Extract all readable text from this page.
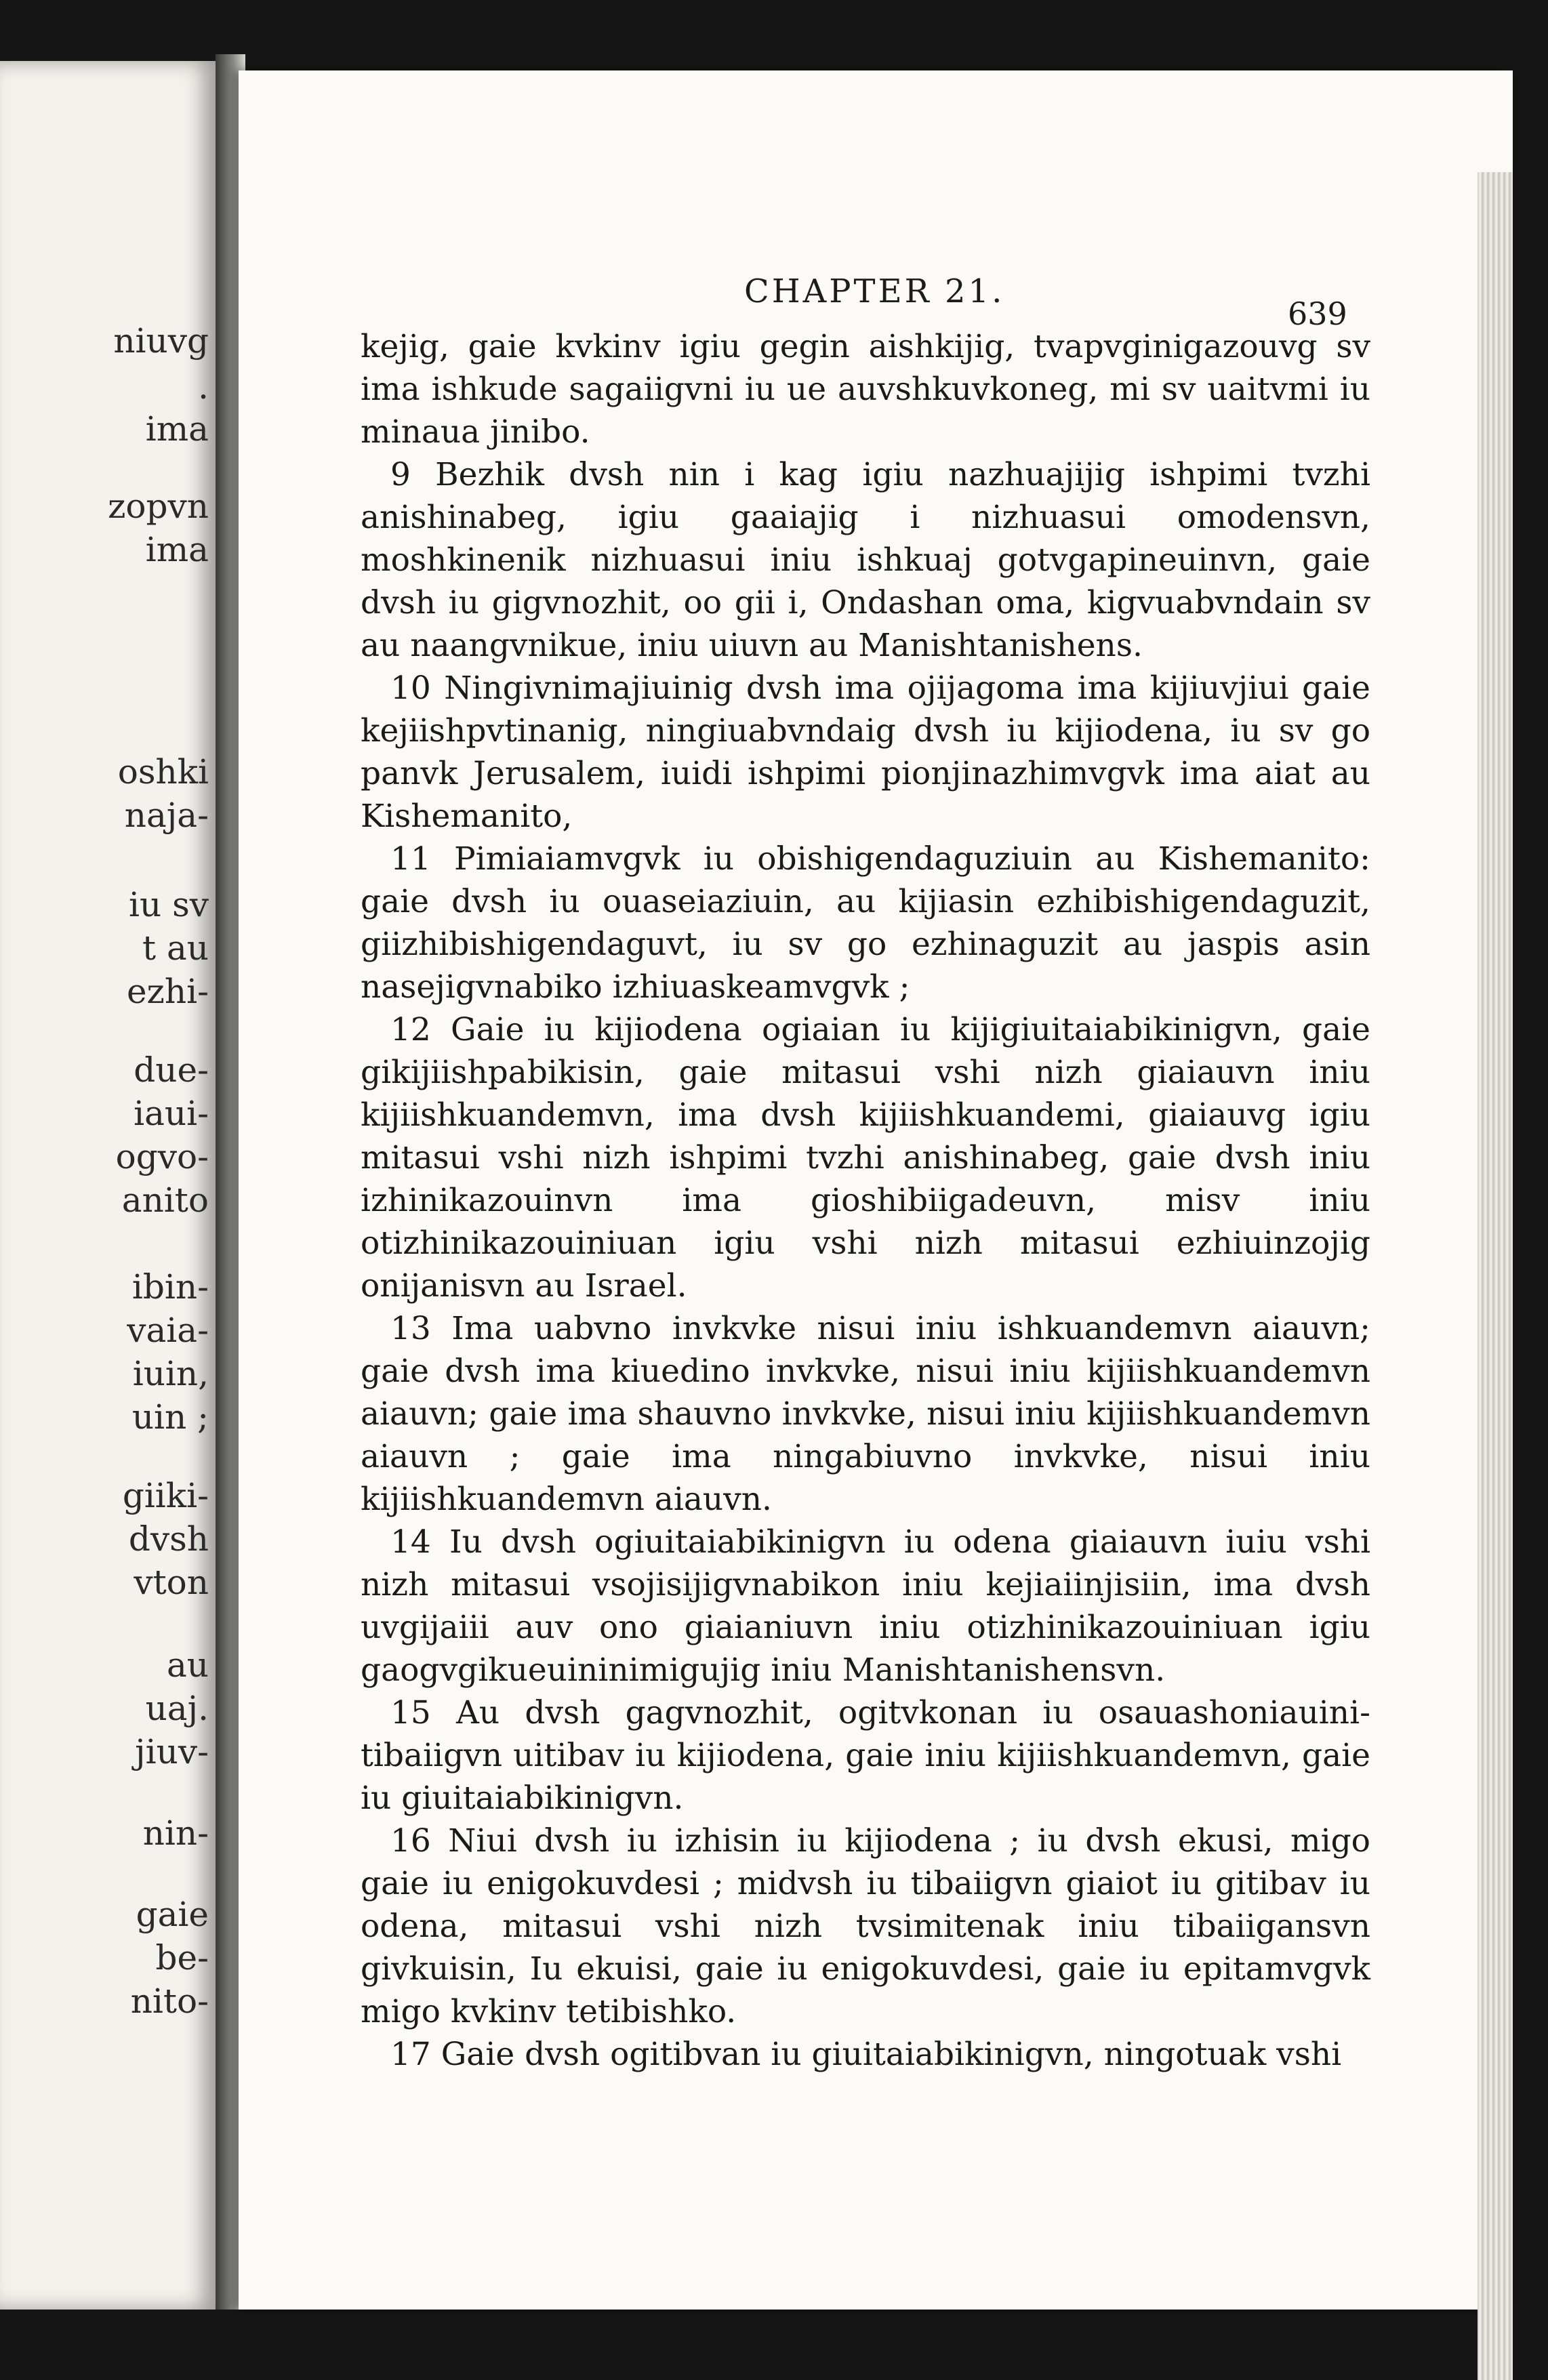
niuvg
.
ima
zopvn
ima
oshki
naja-
iu sv
t au
ezhi-
due-
iaui-
ogvo-
anito
ibin-
vaia-
iuin,
uin ;
giiki-
dvsh
vton
au
uaj.
jiuv-
nin-
gaie
be-
nito-
CHAPTER 21.
639

kejig, gaie kvkinv igiu gegin aishkijig, tvapvginigazouvg sv ima ishkude sagaiigvni iu ue auvshkuvkoneg, mi sv uaitvmi iu minaua jinibo.

9 Bezhik dvsh nin i kag igiu nazhuajijig ishpimi tvzhi anishinabeg, igiu gaaiajig i nizhuasui omodensvn, moshkinenik nizhuasui iniu ishkuaj gotvgapineuinvn, gaie dvsh iu gigvnozhit, oo gii i, Ondashan oma, kigvuabvndain sv au naangvnikue, iniu uiuvn au Manishtanishens.

10 Ningivnimajiuinig dvsh ima ojijagoma ima kijiuvjiui gaie kejiishpvtinanig, ningiuabvndaig dvsh iu kijiodena, iu sv go panvk Jerusalem, iuidi ishpimi pionjinazhimvgvk ima aiat au Kishemanito,

11 Pimiaiamvgvk iu obishigendaguziuin au Kishemanito: gaie dvsh iu ouaseiaziuin, au kijiasin ezhibishigendaguzit, giizhibishigendaguvt, iu sv go ezhinaguzit au jaspis asin nasejigvnabiko izhiuaskeamvgvk ;

12 Gaie iu kijiodena ogiaian iu kijigiuitaiabikinigvn, gaie gikijiishpabikisin, gaie mitasui vshi nizh giaiauvn iniu kijiishkuandemvn, ima dvsh kijiishkuandemi, giaiauvg igiu mitasui vshi nizh ishpimi tvzhi anishinabeg, gaie dvsh iniu izhinikazouinvn ima gioshibiigadeuvn, misv iniu otizhinikazouiniuan igiu vshi nizh mitasui ezhiuinzojig onijanisvn au Israel.

13 Ima uabvno invkvke nisui iniu ishkuandemvn aiauvn; gaie dvsh ima kiuedino invkvke, nisui iniu kijiishkuandemvn aiauvn; gaie ima shauvno invkvke, nisui iniu kijiishkuandemvn aiauvn ; gaie ima ningabiuvno invkvke, nisui iniu kijiishkuandemvn aiauvn.

14 Iu dvsh ogiuitaiabikinigvn iu odena giaiauvn iuiu vshi nizh mitasui vsojisijigvnabikon iniu kejiaiinjisiin, ima dvsh uvgijaiii auv ono giaianiuvn iniu otizhinikazouiniuan igiu gaogvgikueuininimigujig iniu Manishtanishensvn.

15 Au dvsh gagvnozhit, ogitvkonan iu osauashoniauini-tibaiigvn uitibav iu kijiodena, gaie iniu kijiishkuandemvn, gaie iu giuitaiabikinigvn.

16 Niui dvsh iu izhisin iu kijiodena ; iu dvsh ekusi, migo gaie iu enigokuvdesi ; midvsh iu tibaiigvn giaiot iu gitibav iu odena, mitasui vshi nizh tvsimitenak iniu tibaiigansvn givkuisin, Iu ekuisi, gaie iu enigokuvdesi, gaie iu epitamvgvk migo kvkinv tetibishko.

17 Gaie dvsh ogitibvan iu giuitaiabikinigvn, ningotuak vshi
